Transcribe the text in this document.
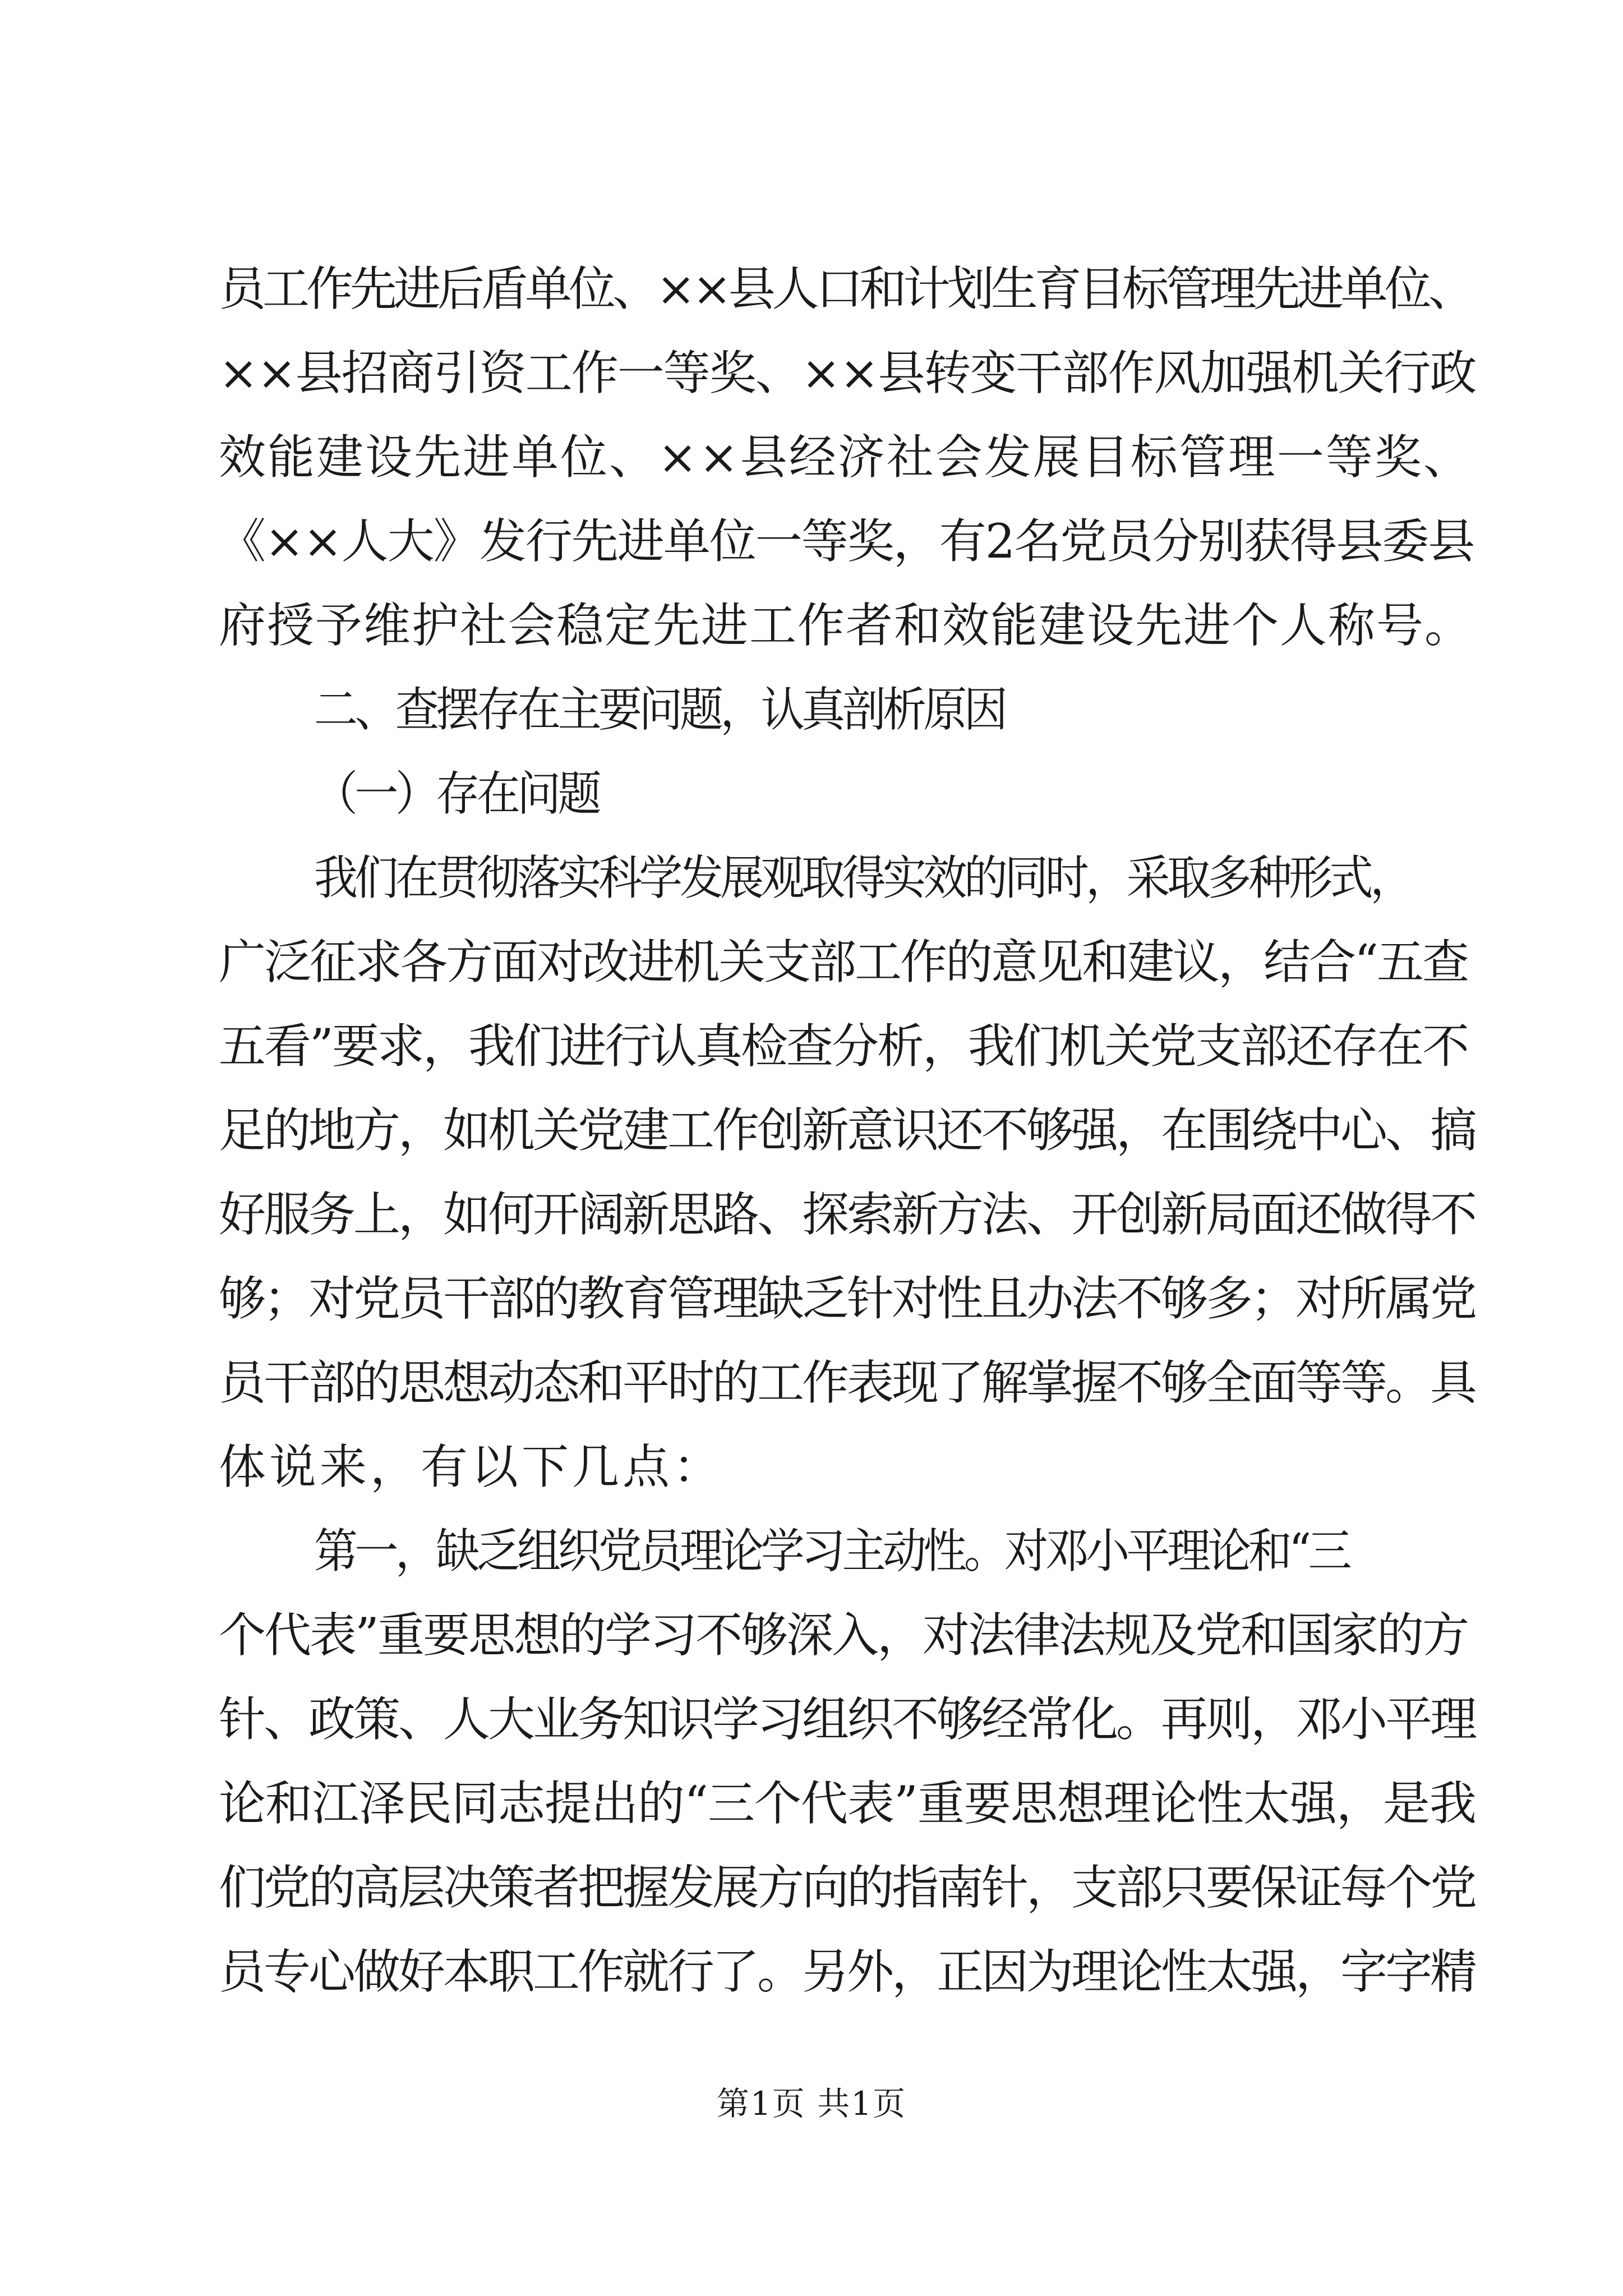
员工作先进后盾单位、××县人口和计划生育目标管理先进单位、
××县招商引资工作一等奖、××县转变干部作风加强机关行政
效能建设先进单位、××县经济社会发展目标管理一等奖、
《××人大》发行先进单位一等奖，有2名党员分别获得县委县
府授予维护社会稳定先进工作者和效能建设先进个人称号。
二、查摆存在主要问题，认真剖析原因
（一）存在问题
我们在贯彻落实科学发展观取得实效的同时，采取多种形式，
广泛征求各方面对改进机关支部工作的意见和建议，结合“五查
五看”要求，我们进行认真检查分析，我们机关党支部还存在不
足的地方，如机关党建工作创新意识还不够强，在围绕中心、搞
好服务上，如何开阔新思路、探索新方法、开创新局面还做得不
够；对党员干部的教育管理缺乏针对性且办法不够多；对所属党
员干部的思想动态和平时的工作表现了解掌握不够全面等等。具
体说来，有以下几点：
第一，缺乏组织党员理论学习主动性。对邓小平理论和“三
个代表”重要思想的学习不够深入，对法律法规及党和国家的方
针、政策、人大业务知识学习组织不够经常化。再则，邓小平理
论和江泽民同志提出的“三个代表”重要思想理论性太强，是我
们党的高层决策者把握发展方向的指南针，支部只要保证每个党
员专心做好本职工作就行了。另外，正因为理论性太强，字字精
第1页 共1页
